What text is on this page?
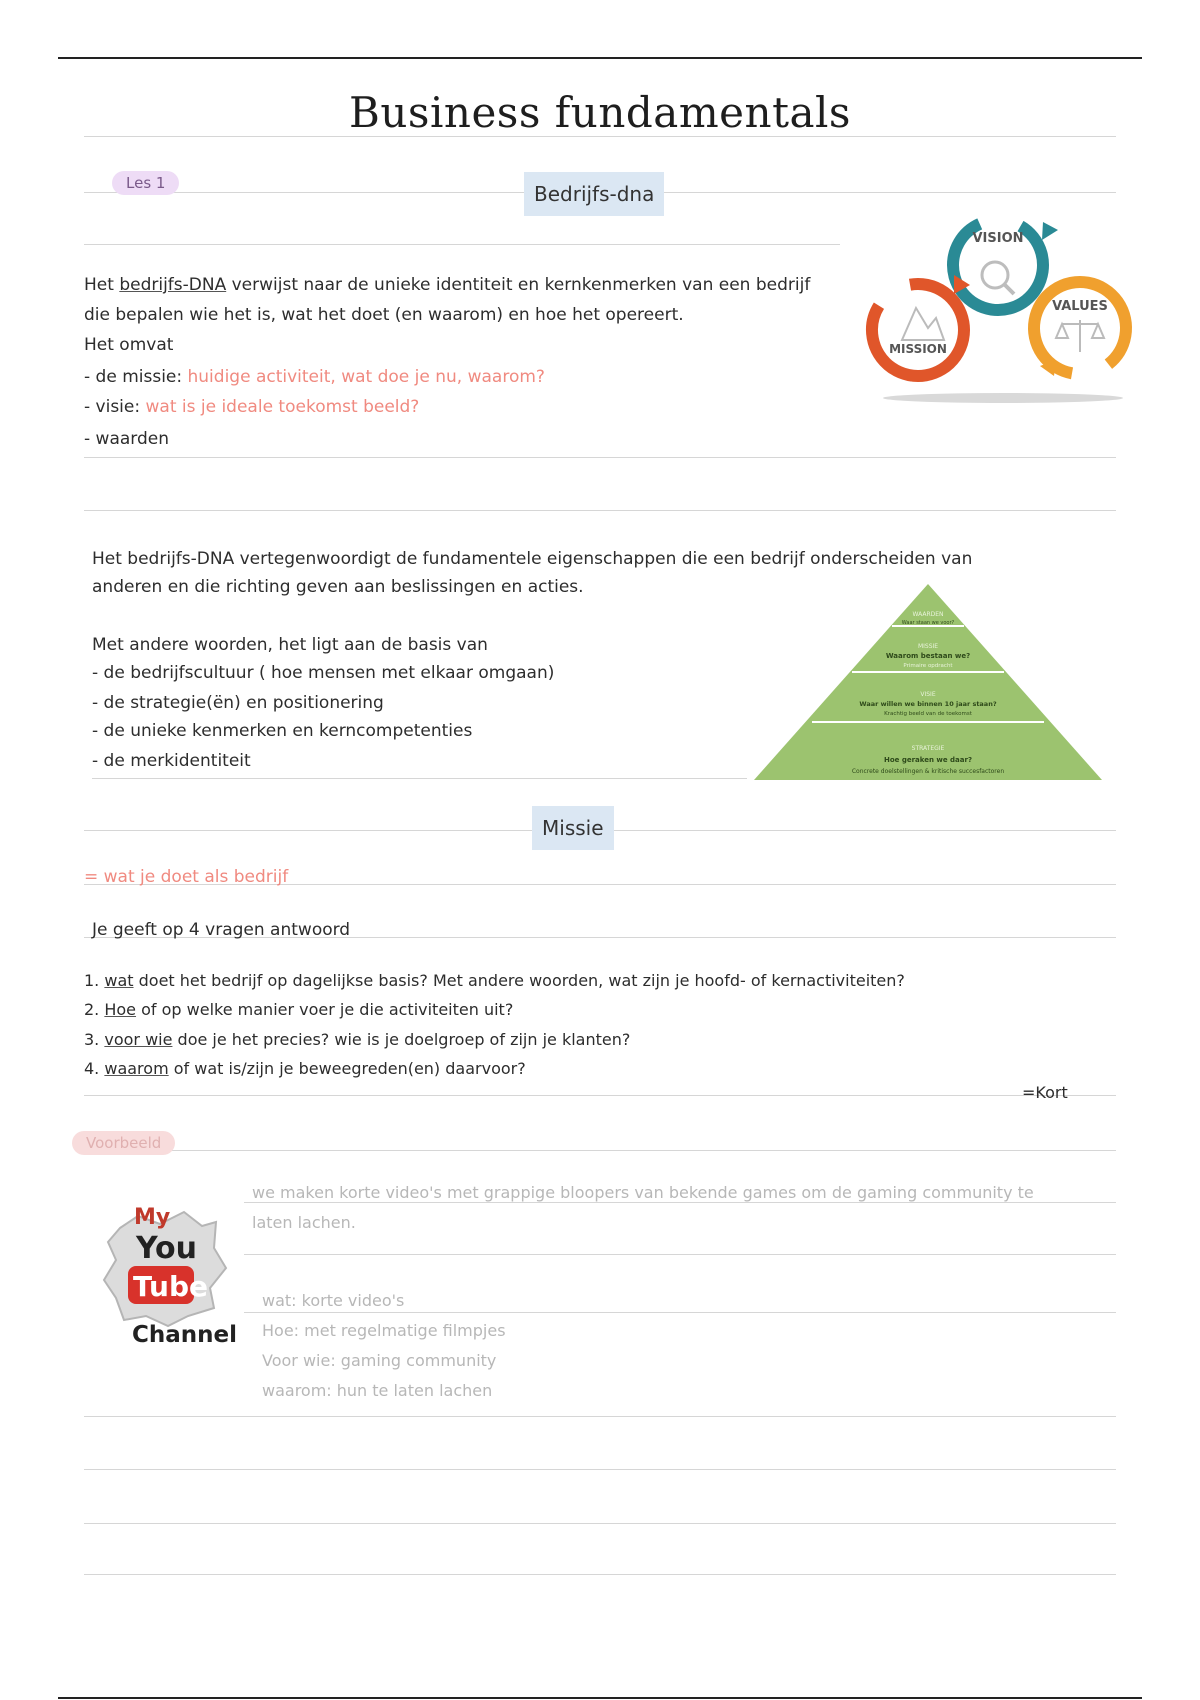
Business fundamentals
Les 1	Bedrijfs-dna
Het bedrijfs-DNA verwijst naar de unieke identiteit en kernkenmerken van een bedrijf
die bepalen wie het is, wat het doet (en waarom) en hoe het opereert.
Het omvat
- de missie: huidige activiteit, wat doe je nu, waarom?
- visie: wat is je ideale toekomst beeld?
- waarden
VISION
MISSION
VALUES
Het bedrijfs-DNA vertegenwoordigt de fundamentele eigenschappen die een bedrijf onderscheiden van
anderen en die richting geven aan beslissingen en acties.
Met andere woorden, het ligt aan de basis van
- de bedrijfscultuur ( hoe mensen met elkaar omgaan)
- de strategie(ën) en positionering
- de unieke kenmerken en kerncompetenties
- de merkidentiteit
WAARDEN
Waar staan we voor?
MISSIE
Waarom bestaan we?
Primaire opdracht
VISIE
Waar willen we binnen 10 jaar staan?
Krachtig beeld van de toekomst
STRATEGIE
Hoe geraken we daar?
Concrete doelstellingen & kritische succesfactoren
Missie
= wat je doet als bedrijf
Je geeft op 4 vragen antwoord
1. wat doet het bedrijf op dagelijkse basis? Met andere woorden, wat zijn je hoofd- of kernactiviteiten?
2. Hoe of op welke manier voer je die activiteiten uit?
3. voor wie doe je het precies? wie is je doelgroep of zijn je klanten?
4. waarom of wat is/zijn je beweegreden(en) daarvoor?
=Kort
Voorbeeld
My
You
Tube
Channel
we maken korte video's met grappige bloopers van bekende games om de gaming community te
laten lachen.
wat: korte video's
Hoe: met regelmatige filmpjes
Voor wie: gaming community
waarom: hun te laten lachen
